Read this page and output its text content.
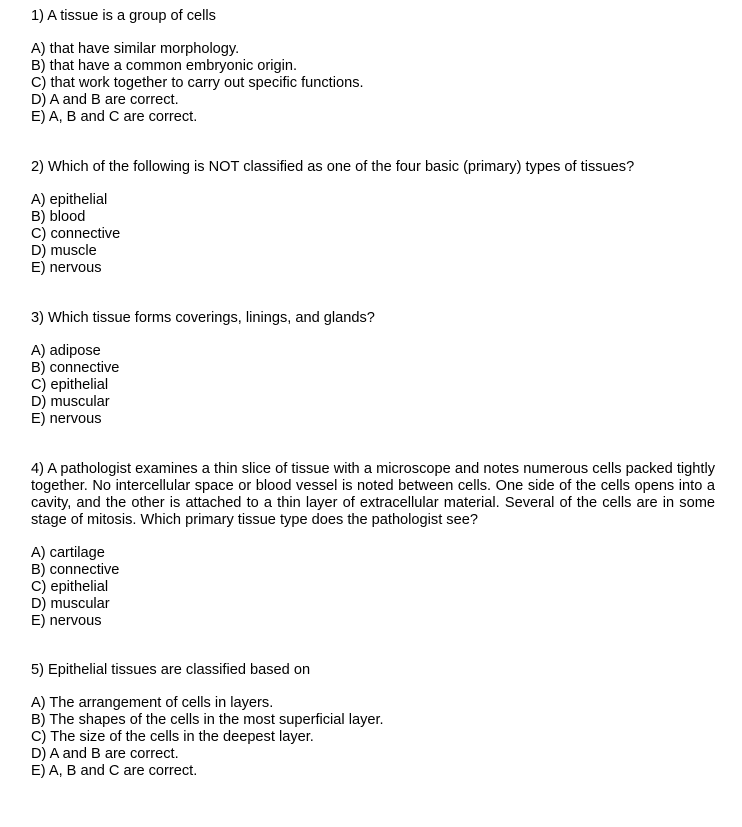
1) A tissue is a group of cells

A) that have similar morphology.
B) that have a common embryonic origin.
C) that work together to carry out specific functions.
D) A and B are correct.
E) A, B and C are correct.

2) Which of the following is NOT classified as one of the four basic (primary) types of tissues?

A) epithelial
B) blood
C) connective
D) muscle
E) nervous

3) Which tissue forms coverings, linings, and glands?

A) adipose
B) connective
C) epithelial
D) muscular
E) nervous

4) A pathologist examines a thin slice of tissue with a microscope and notes numerous cells packed tightly together. No intercellular space or blood vessel is noted between cells. One side of the cells opens into a cavity, and the other is attached to a thin layer of extracellular material. Several of the cells are in some stage of mitosis. Which primary tissue type does the pathologist see?

A) cartilage
B) connective
C) epithelial
D) muscular
E) nervous

5) Epithelial tissues are classified based on

A) The arrangement of cells in layers.
B) The shapes of the cells in the most superficial layer.
C) The size of the cells in the deepest layer.
D) A and B are correct.
E) A, B and C are correct.
